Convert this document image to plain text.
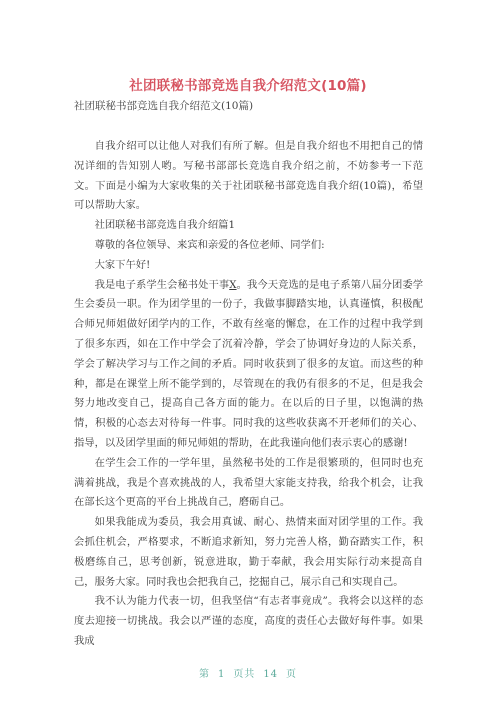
社团联秘书部竞选自我介绍范文(10篇)

社团联秘书部竞选自我介绍范文(10篇)

自我介绍可以让他人对我们有所了解。但是自我介绍也不用把自己的情况详细的告知别人哟。写秘书部部长竞选自我介绍之前，不妨参考一下范文。下面是小编为大家收集的关于社团联秘书部竞选自我介绍(10篇)，希望可以帮助大家。

社团联秘书部竞选自我介绍篇1

尊敬的各位领导、来宾和亲爱的各位老师、同学们:

大家下午好!

我是电子系学生会秘书处干事X。我今天竞选的是电子系第八届分团委学生会委员一职。作为团学里的一份子，我做事脚踏实地，认真谨慎，积极配合师兄师姐做好团学内的工作，不敢有丝毫的懈怠，在工作的过程中我学到了很多东西，如在工作中学会了沉着冷静，学会了协调好身边的人际关系，学会了解决学习与工作之间的矛盾。同时收获到了很多的友谊。而这些的种种，都是在课堂上所不能学到的，尽管现在的我仍有很多的不足，但是我会努力地改变自己，提高自己各方面的能力。在以后的日子里，以饱满的热情，积极的心态去对待每一件事。同时我的这些收获离不开老师们的关心、指导，以及团学里面的师兄师姐的帮助，在此我谨向他们表示衷心的感谢!

在学生会工作的一学年里，虽然秘书处的工作是很繁琐的，但同时也充满着挑战，我是个喜欢挑战的人，我希望大家能支持我，给我个机会，让我在部长这个更高的平台上挑战自己，磨砺自己。

如果我能成为委员，我会用真诚、耐心、热情来面对团学里的工作。我会抓住机会，严格要求，不断追求新知，努力完善人格，勤奋踏实工作，积极磨练自己，思考创新，锐意进取，勤于奉献，我会用实际行动来提高自己，服务大家。同时我也会把我自己，挖掘自己，展示自己和实现自己。

我不认为能力代表一切，但我坚信“有志者事竟成”。我将会以这样的态度去迎接一切挑战。我会以严谨的态度，高度的责任心去做好每件事。如果我成

第 1 页共 14 页
